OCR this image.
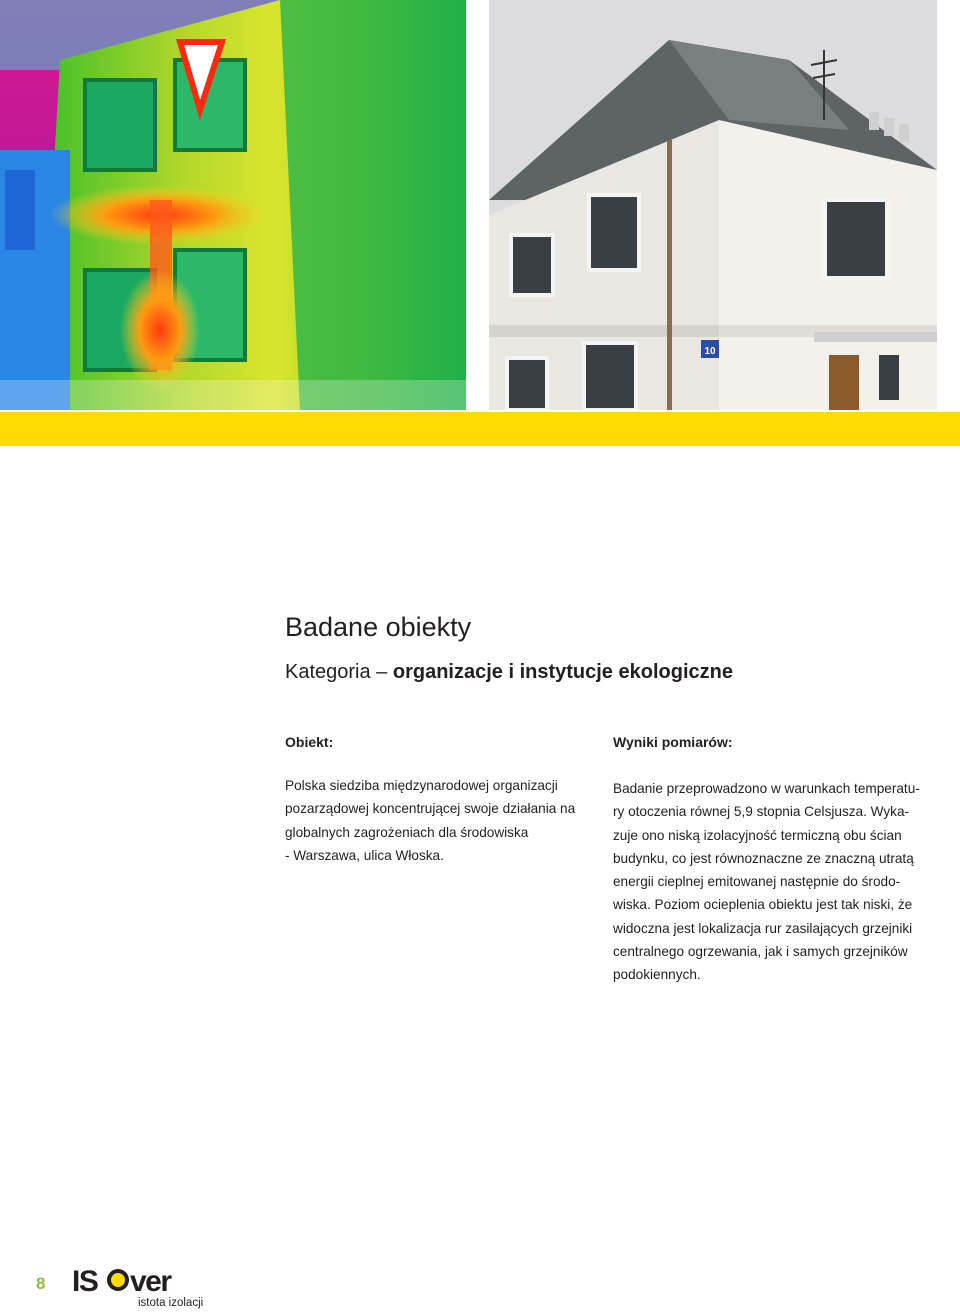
10
Badane obiekty

Kategoria – organizacje i instytucje ekologiczne

Obiekt:	Wyniki pomiarów:

Polska siedziba międzynarodowej organizacji
pozarządowej koncentrującej swoje działania na
globalnych zagrożeniach dla środowiska
- Warszawa, ulica Włoska.

Badanie przeprowadzono w warunkach temperatu-
ry otoczenia równej 5,9 stopnia Celsjusza. Wyka-
zuje ono niską izolacyjność termiczną obu ścian
budynku, co jest równoznaczne ze znaczną utratą
energii cieplnej emitowanej następnie do środo-
wiska. Poziom ocieplenia obiektu jest tak niski, że
widoczna jest lokalizacja rur zasilających grzejniki
centralnego ogrzewania, jak i samych grzejników
podokiennych.

8 IS ver
istota izolacji
